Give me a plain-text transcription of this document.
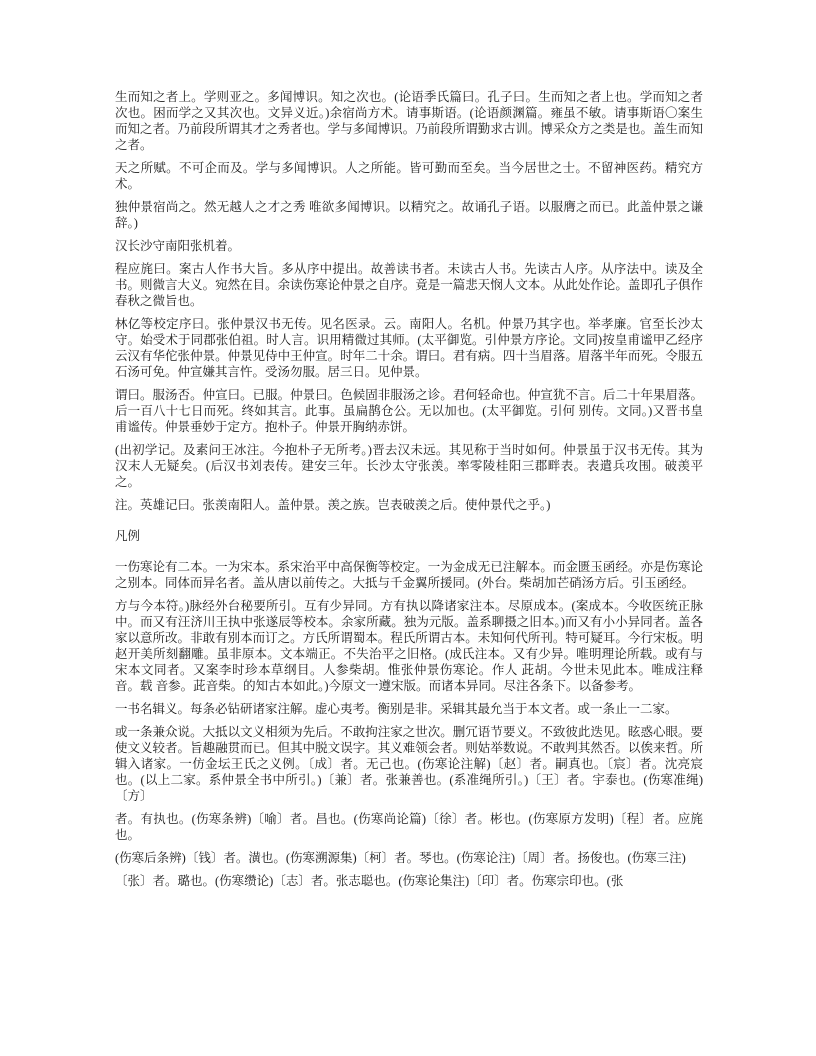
生而知之者上。学则亚之。多闻博识。知之次也。(论语季氏篇曰。孔子曰。生而知之者上也。学而知之者次也。困而学之又其次也。文异义近。)余宿尚方术。请事斯语。(论语颜渊篇。雍虽不敏。请事斯语〇案生而知之者。乃前段所谓其才之秀者也。学与多闻博识。乃前段所谓勤求古训。博采众方之类是也。盖生而知之者。

天之所赋。不可企而及。学与多闻博识。人之所能。皆可勤而至矣。当今居世之士。不留神医药。精究方术。

独仲景宿尚之。然无越人之才之秀 唯欲多闻博识。以精究之。故诵孔子语。以服膺之而已。此盖仲景之谦辞。)

汉长沙守南阳张机着。

程应旄曰。案古人作书大旨。多从序中提出。故善读书者。未读古人书。先读古人序。从序法中。读及全书。则微言大义。宛然在目。余读伤寒论仲景之自序。竟是一篇悲天悯人文本。从此处作论。盖即孔子俱作春秋之微旨也。

林亿等校定序曰。张仲景汉书无传。见名医录。云。南阳人。名机。仲景乃其字也。举孝廉。官至长沙太守。始受术于同郡张伯祖。时人言。识用精微过其师。(太平御览。引仲景方序论。文同)按皇甫谧甲乙经序云汉有华佗张仲景。仲景见侍中王仲宣。时年二十余。谓曰。君有病。四十当眉落。眉落半年而死。令服五石汤可免。仲宣嫌其言忤。受汤勿服。居三日。见仲景。

谓曰。服汤否。仲宣曰。已服。仲景曰。色候固非服汤之诊。君何轻命也。仲宣犹不言。后二十年果眉落。后一百八十七日而死。终如其言。此事。虽扁鹊仓公。无以加也。(太平御览。引何 别传。文同。)又晋书皇甫谧传。仲景垂妙于定方。抱朴子。仲景开胸纳赤饼。

(出初学记。及素问王冰注。今抱朴子无所考。)晋去汉未远。其见称于当时如何。仲景虽于汉书无传。其为汉末人无疑矣。(后汉书刘表传。建安三年。长沙太守张羡。率零陵桂阳三郡畔表。表遣兵攻围。破羡平之。

注。英雄记曰。张羡南阳人。盖仲景。羡之族。岂表破羡之后。使仲景代之乎。)

凡例

一伤寒论有二本。一为宋本。系宋治平中高保衡等校定。一为金成无已注解本。而金匮玉函经。亦是伤寒论之别本。同体而异名者。盖从唐以前传之。大抵与千金翼所援同。(外台。柴胡加芒硝汤方后。引玉函经。

方与今本符。)脉经外台秘要所引。互有少异同。方有执以降诸家注本。尽原成本。(案成本。今收医统正脉中。而又有汪济川王执中张遂辰等校本。余家所藏。独为元版。盖系聊摄之旧本。)而又有小小异同者。盖各家以意所改。非敢有别本而订之。方氏所谓蜀本。程氏所谓古本。未知何代所刊。特可疑耳。今行宋板。明赵开美所刻翻雕。虽非原本。文本端正。不失治平之旧格。(成氏注本。又有少异。唯明理论所载。或有与宋本文同者。又案李时珍本草纲目。人参柴胡。惟张仲景伤寒论。作人 茈胡。今世未见此本。唯成注释音。载 音参。茈音柴。的知古本如此。)今原文一遵宋版。而诸本异同。尽注各条下。以备参考。

一书名辑义。每条必钻研诸家注解。虚心夷考。衡别是非。采辑其最允当于本文者。或一条止一二家。

或一条兼众说。大抵以文义相须为先后。不敢拘注家之世次。删冗语节要义。不致彼此迭见。眩惑心眼。要使文义较者。旨趣融贯而已。但其中脱文误字。其义难领会者。则姑举数说。不敢判其然否。以俟来哲。所辑入诸家。一仿金坛王氏之义例。〔成〕者。无己也。(伤寒论注解)〔赵〕者。嗣真也。〔宸〕者。沈亮宸也。(以上二家。系仲景全书中所引。)〔兼〕者。张兼善也。(系准绳所引。)〔王〕者。宇泰也。(伤寒准绳)〔方〕

者。有执也。(伤寒条辨)〔喻〕者。昌也。(伤寒尚论篇)〔徐〕者。彬也。(伤寒原方发明)〔程〕者。应旄也。

(伤寒后条辨)〔钱〕者。潢也。(伤寒溯源集)〔柯〕者。琴也。(伤寒论注)〔周〕者。扬俊也。(伤寒三注)

〔张〕者。璐也。(伤寒缵论)〔志〕者。张志聪也。(伤寒论集注)〔印〕者。伤寒宗印也。(张
